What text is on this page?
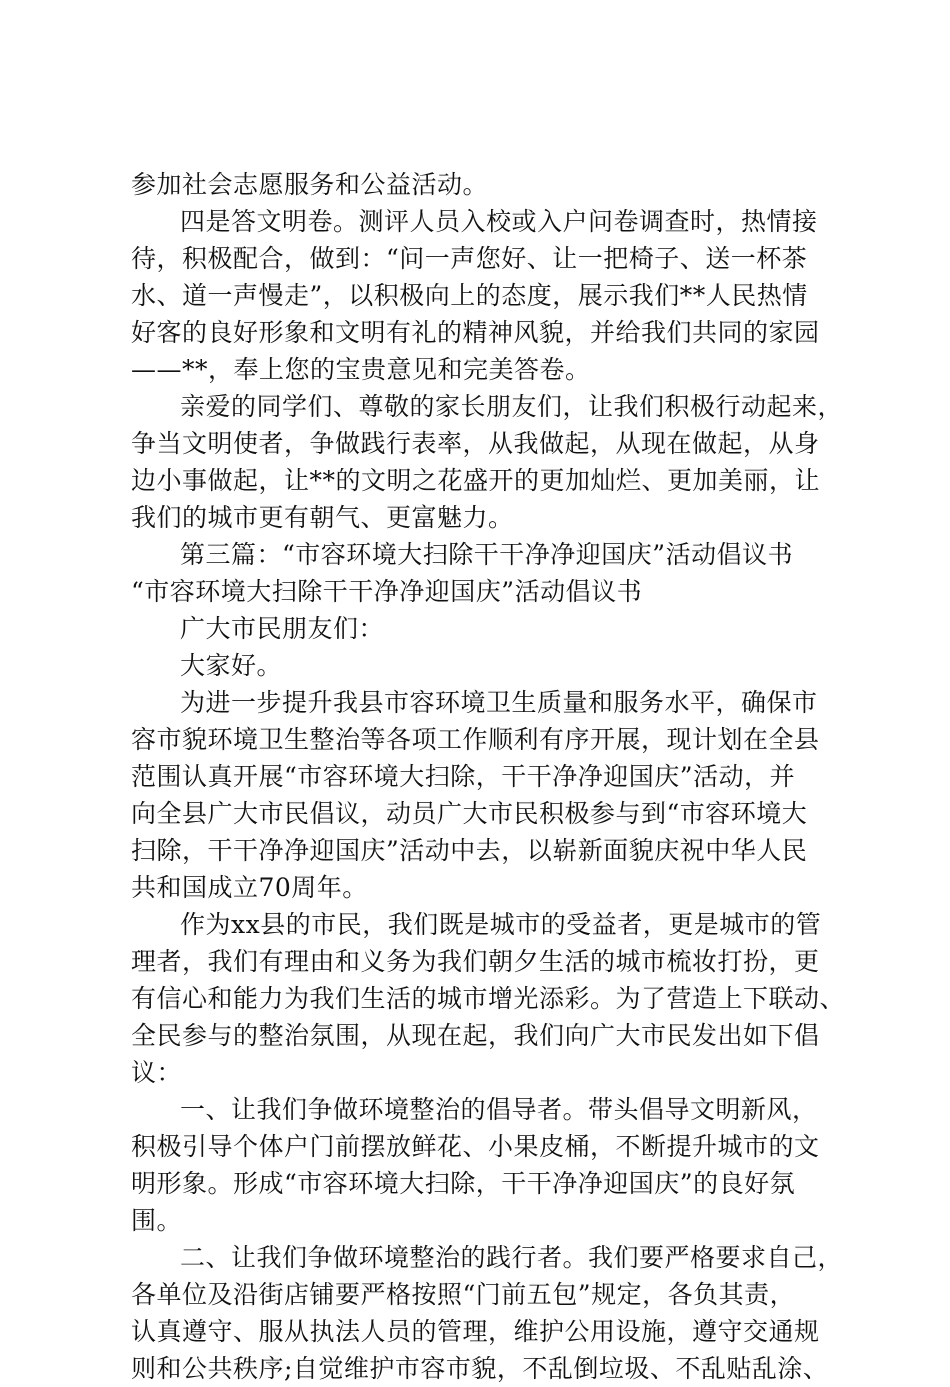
参加社会志愿服务和公益活动。
四是答文明卷。测评人员入校或入户问卷调查时，热情接
待，积极配合，做到：“问一声您好、让一把椅子、送一杯茶
水、道一声慢走”，以积极向上的态度，展示我们**人民热情
好客的良好形象和文明有礼的精神风貌，并给我们共同的家园
——**，奉上您的宝贵意见和完美答卷。
亲爱的同学们、尊敬的家长朋友们，让我们积极行动起来，
争当文明使者，争做践行表率，从我做起，从现在做起，从身
边小事做起，让**的文明之花盛开的更加灿烂、更加美丽，让
我们的城市更有朝气、更富魅力。
第三篇：“市容环境大扫除干干净净迎国庆”活动倡议书
“市容环境大扫除干干净净迎国庆”活动倡议书
广大市民朋友们：
大家好。
为进一步提升我县市容环境卫生质量和服务水平，确保市
容市貌环境卫生整治等各项工作顺利有序开展，现计划在全县
范围认真开展“市容环境大扫除，干干净净迎国庆”活动，并
向全县广大市民倡议，动员广大市民积极参与到“市容环境大
扫除，干干净净迎国庆”活动中去，以崭新面貌庆祝中华人民
共和国成立70周年。
作为xx县的市民，我们既是城市的受益者，更是城市的管
理者，我们有理由和义务为我们朝夕生活的城市梳妆打扮，更
有信心和能力为我们生活的城市增光添彩。为了营造上下联动、
全民参与的整治氛围，从现在起，我们向广大市民发出如下倡
议：
一、让我们争做环境整治的倡导者。带头倡导文明新风，
积极引导个体户门前摆放鲜花、小果皮桶，不断提升城市的文
明形象。形成“市容环境大扫除，干干净净迎国庆”的良好氛
围。
二、让我们争做环境整治的践行者。我们要严格要求自己，
各单位及沿街店铺要严格按照“门前五包”规定，各负其责，
认真遵守、服从执法人员的管理，维护公用设施，遵守交通规
则和公共秩序;自觉维护市容市貌，不乱倒垃圾、不乱贴乱涂、
